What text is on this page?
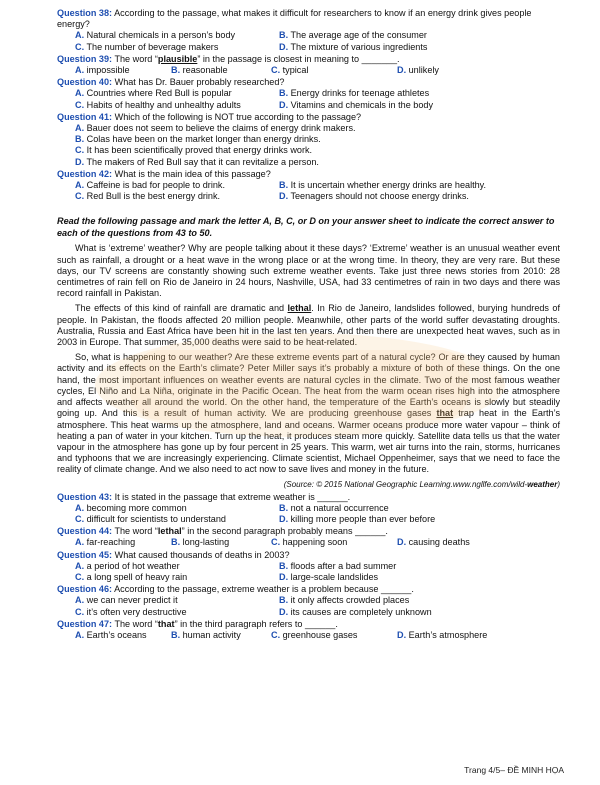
Question 38: According to the passage, what makes it difficult for researchers to know if an energy drink gives people energy?
A. Natural chemicals in a person’s body	B. The average age of the consumer
C. The number of beverage makers	D. The mixture of various ingredients
Question 39: The word “plausible” in the passage is closest in meaning to _______.
A. impossible	B. reasonable	C. typical	D. unlikely
Question 40: What has Dr. Bauer probably researched?
A. Countries where Red Bull is popular	B. Energy drinks for teenage athletes
C. Habits of healthy and unhealthy adults	D. Vitamins and chemicals in the body
Question 41: Which of the following is NOT true according to the passage?
A. Bauer does not seem to believe the claims of energy drink makers.
B. Colas have been on the market longer than energy drinks.
C. It has been scientifically proved that energy drinks work.
D. The makers of Red Bull say that it can revitalize a person.
Question 42: What is the main idea of this passage?
A. Caffeine is bad for people to drink.	B. It is uncertain whether energy drinks are healthy.
C. Red Bull is the best energy drink.	D. Teenagers should not choose energy drinks.
Read the following passage and mark the letter A, B, C, or D on your answer sheet to indicate the correct answer to each of the questions from 43 to 50.
What is ‘extreme’ weather? Why are people talking about it these days? ‘Extreme’ weather is an unusual weather event such as rainfall, a drought or a heat wave in the wrong place or at the wrong time. In theory, they are very rare. But these days, our TV screens are constantly showing such extreme weather events. Take just three news stories from 2010: 28 centimetres of rain fell on Rio de Janeiro in 24 hours, Nashville, USA, had 33 centimetres of rain in two days and there was record rainfall in Pakistan.
The effects of this kind of rainfall are dramatic and lethal. In Rio de Janeiro, landslides followed, burying hundreds of people. In Pakistan, the floods affected 20 million people. Meanwhile, other parts of the world suffer devastating droughts. Australia, Russia and East Africa have been hit in the last ten years. And then there are unexpected heat waves, such as in 2003 in Europe. That summer, 35,000 deaths were said to be heat-related.
So, what is happening to our weather? Are these extreme events part of a natural cycle? Or are they caused by human activity and its effects on the Earth’s climate? Peter Miller says it’s probably a mixture of both of these things. On the one hand, the most important influences on weather events are natural cycles in the climate. Two of the most famous weather cycles, El Niño and La Niña, originate in the Pacific Ocean. The heat from the warm ocean rises high into the atmosphere and affects weather all around the world. On the other hand, the temperature of the Earth’s oceans is slowly but steadily going up. And this is a result of human activity. We are producing greenhouse gases that trap heat in the Earth’s atmosphere. This heat warms up the atmosphere, land and oceans. Warmer oceans produce more water vapour – think of heating a pan of water in your kitchen. Turn up the heat, it produces steam more quickly. Satellite data tells us that the water vapour in the atmosphere has gone up by four percent in 25 years. This warm, wet air turns into the rain, storms, hurricanes and typhoons that we are increasingly experiencing. Climate scientist, Michael Oppenheimer, says that we need to face the reality of climate change. And we also need to act now to save lives and money in the future.
(Source: © 2015 National Geographic Learning.www.ngllfe.com/wild-weather)
Question 43: It is stated in the passage that extreme weather is ______.
A. becoming more common	B. not a natural occurrence
C. difficult for scientists to understand	D. killing more people than ever before
Question 44: The word “lethal” in the second paragraph probably means ______.
A. far-reaching	B. long-lasting	C. happening soon	D. causing deaths
Question 45: What caused thousands of deaths in 2003?
A. a period of hot weather	B. floods after a bad summer
C. a long spell of heavy rain	D. large-scale landslides
Question 46: According to the passage, extreme weather is a problem because ______.
A. we can never predict it	B. it only affects crowded places
C. it’s often very destructive	D. its causes are completely unknown
Question 47: The word “that” in the third paragraph refers to ______.
A. Earth’s oceans	B. human activity	C. greenhouse gases	D. Earth’s atmosphere
Trang 4/5– ĐỀ MINH HỌA
